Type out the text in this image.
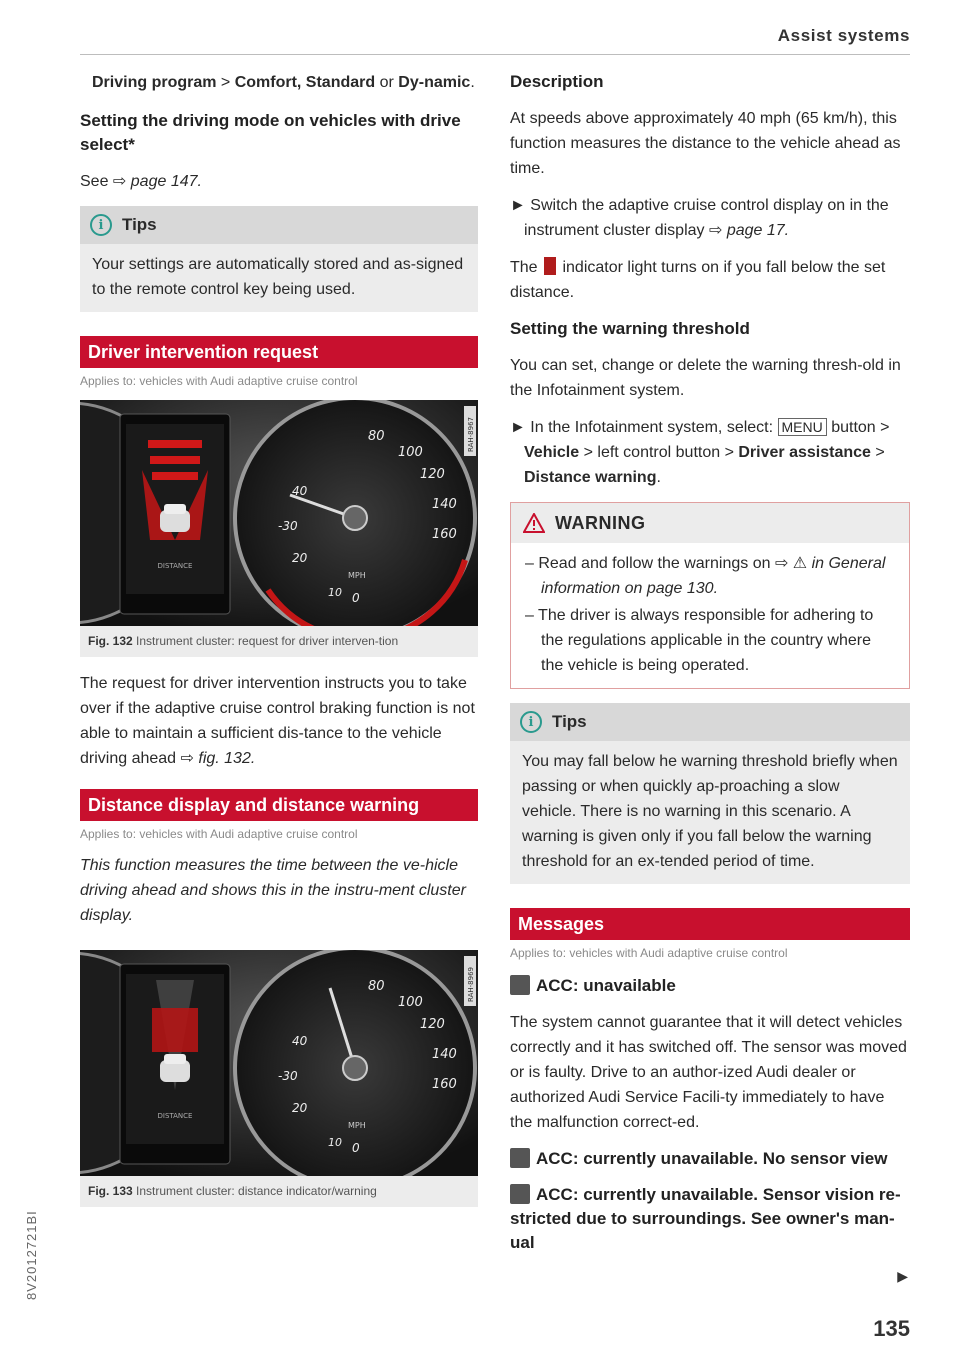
Assist systems

Driving program > Comfort, Standard or Dy-namic.

Setting the driving mode on vehicles with drive select*

See ⇨ page 147.

i	Tips

Your settings are automatically stored and as-signed to the remote control key being used.

Driver intervention request
Applies to: vehicles with Audi adaptive cruise control
DISTANCE
80
100
120
140
160
40
-30
20
MPH
10 0
RAH-8967
Fig. 132 Instrument cluster: request for driver interven-tion

The request for driver intervention instructs you to take over if the adaptive cruise control braking function is not able to maintain a sufficient dis-tance to the vehicle driving ahead ⇨ fig. 132.

Distance display and distance warning
Applies to: vehicles with Audi adaptive cruise control

This function measures the time between the ve-hicle driving ahead and shows this in the instru-ment cluster display.

DISTANCE
80
100
120
140
160
40
-30
20
MPH
10 0
RAH-8969
Fig. 133 Instrument cluster: distance indicator/warning
Description

At speeds above approximately 40 mph (65 km/h), this function measures the distance to the vehicle ahead as time.

► Switch the adaptive cruise control display on in the instrument cluster display ⇨ page 17.

The  indicator light turns on if you fall below the set distance.

Setting the warning threshold

You can set, change or delete the warning thresh-old in the Infotainment system.

► In the Infotainment system, select: MENU button > Vehicle > left control button > Driver assistance > Distance warning.

WARNING

– Read and follow the warnings on ⇨ ⚠ in General information on page 130.

– The driver is always responsible for adhering to the regulations applicable in the country where the vehicle is being operated.

i	Tips

You may fall below he warning threshold briefly when passing or when quickly ap-proaching a slow vehicle. There is no warning in this scenario. A warning is given only if you fall below the warning threshold for an ex-tended period of time.

Messages
Applies to: vehicles with Audi adaptive cruise control
ACC: unavailable

The system cannot guarantee that it will detect vehicles correctly and it has switched off. The sensor was moved or is faulty. Drive to an author-ized Audi dealer or authorized Audi Service Facili-ty immediately to have the malfunction correct-ed.

ACC: currently unavailable. No sensor view
ACC: currently unavailable. Sensor vision re-stricted due to surroundings. See owner's man-ual
▶
135
8V2012721BI
